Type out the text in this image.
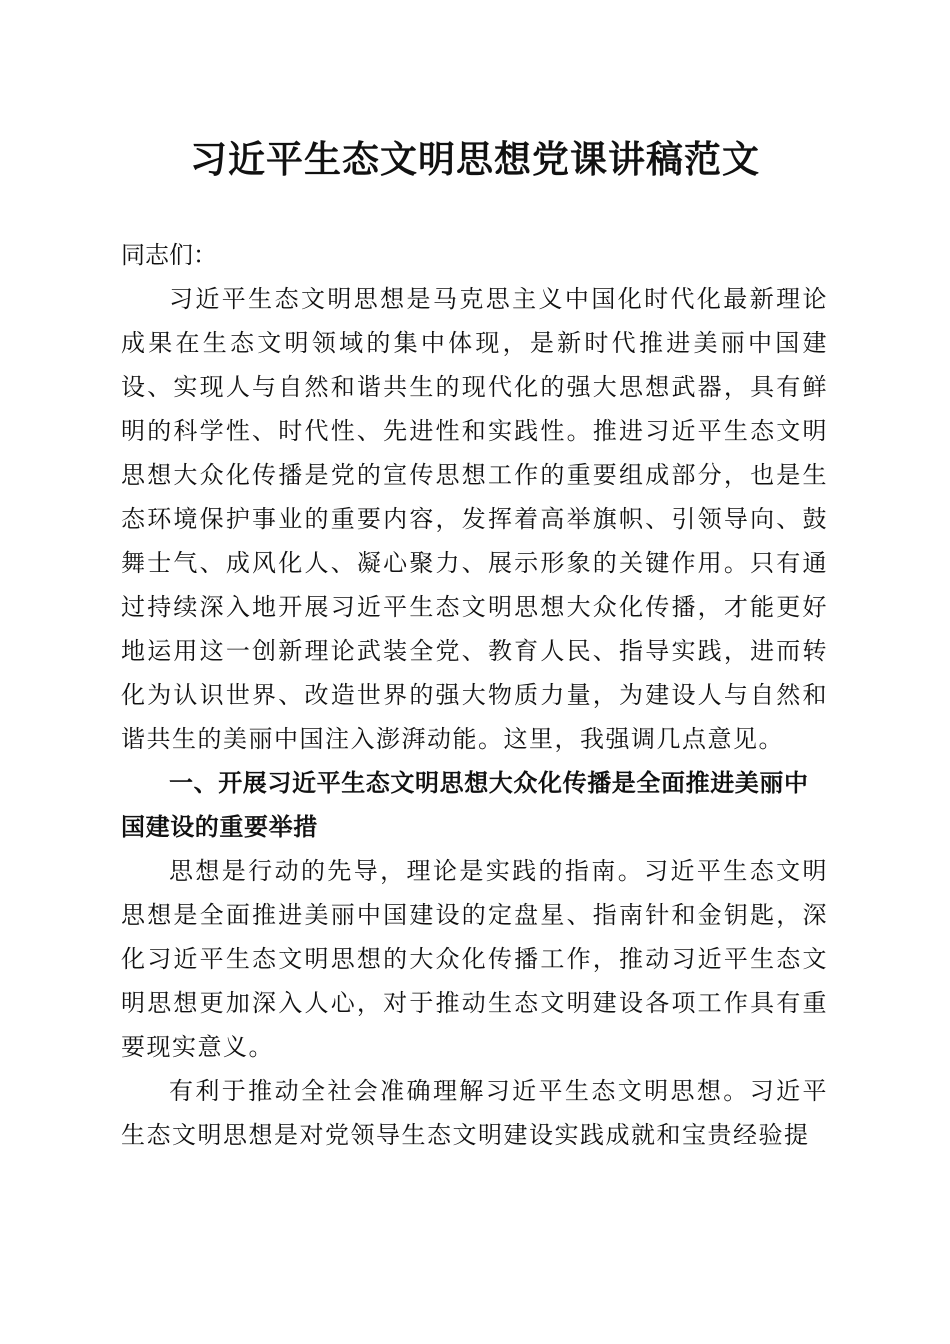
习近平生态文明思想党课讲稿范文

同志们：

习近平生态文明思想是马克思主义中国化时代化最新理论成果在生态文明领域的集中体现，是新时代推进美丽中国建设、实现人与自然和谐共生的现代化的强大思想武器，具有鲜明的科学性、时代性、先进性和实践性。推进习近平生态文明思想大众化传播是党的宣传思想工作的重要组成部分，也是生态环境保护事业的重要内容，发挥着高举旗帜、引领导向、鼓舞士气、成风化人、凝心聚力、展示形象的关键作用。只有通过持续深入地开展习近平生态文明思想大众化传播，才能更好地运用这一创新理论武装全党、教育人民、指导实践，进而转化为认识世界、改造世界的强大物质力量，为建设人与自然和谐共生的美丽中国注入澎湃动能。这里，我强调几点意见。

一、开展习近平生态文明思想大众化传播是全面推进美丽中国建设的重要举措

思想是行动的先导，理论是实践的指南。习近平生态文明思想是全面推进美丽中国建设的定盘星、指南针和金钥匙，深化习近平生态文明思想的大众化传播工作，推动习近平生态文明思想更加深入人心，对于推动生态文明建设各项工作具有重要现实意义。

有利于推动全社会准确理解习近平生态文明思想。习近平生态文明思想是对党领导生态文明建设实践成就和宝贵经验提
